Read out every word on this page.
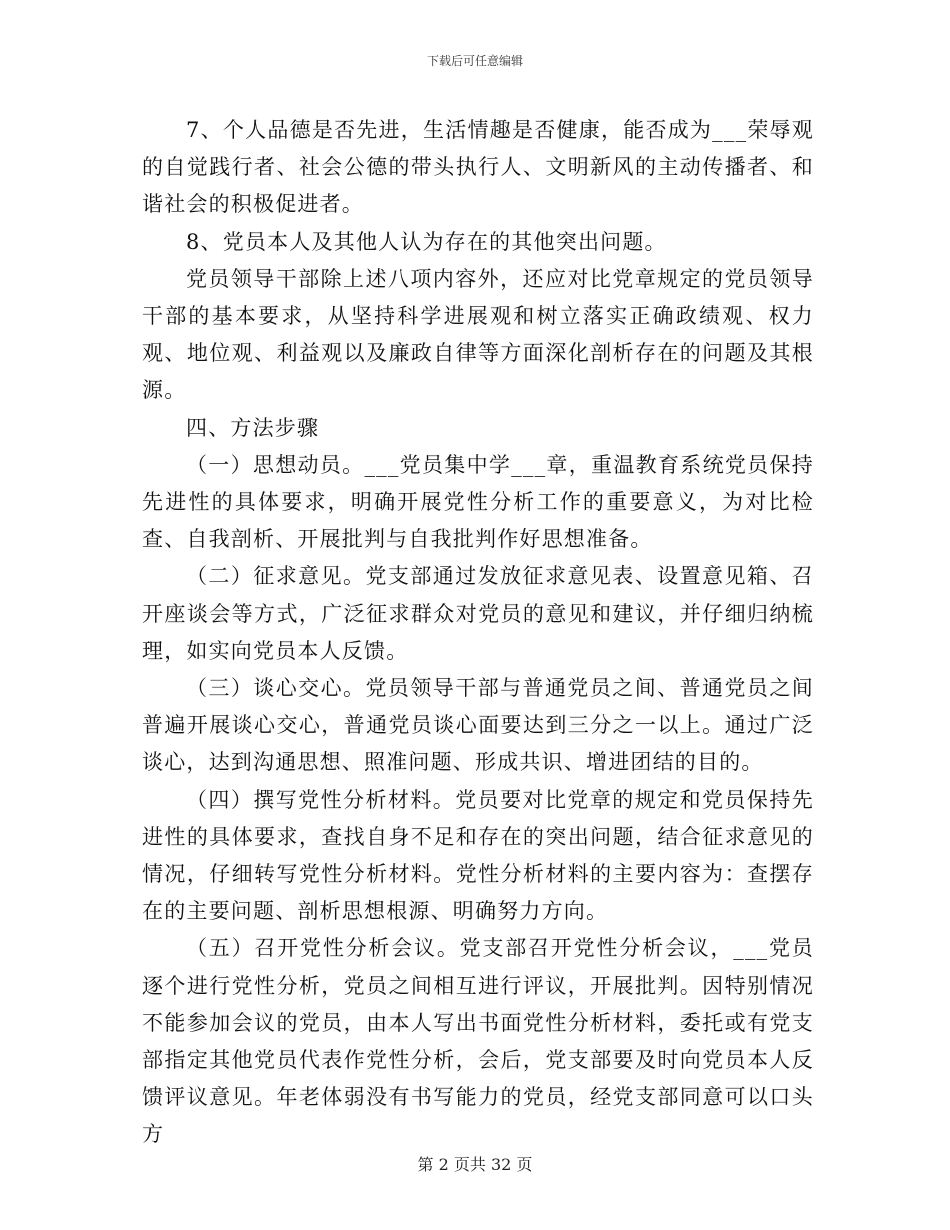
下载后可任意编辑

7、个人品德是否先进，生活情趣是否健康，能否成为___荣辱观的自觉践行者、社会公德的带头执行人、文明新风的主动传播者、和谐社会的积极促进者。

8、党员本人及其他人认为存在的其他突出问题。

党员领导干部除上述八项内容外，还应对比党章规定的党员领导干部的基本要求，从坚持科学进展观和树立落实正确政绩观、权力观、地位观、利益观以及廉政自律等方面深化剖析存在的问题及其根源。

四、方法步骤

（一）思想动员。___党员集中学___章，重温教育系统党员保持先进性的具体要求，明确开展党性分析工作的重要意义，为对比检查、自我剖析、开展批判与自我批判作好思想准备。

（二）征求意见。党支部通过发放征求意见表、设置意见箱、召开座谈会等方式，广泛征求群众对党员的意见和建议，并仔细归纳梳理，如实向党员本人反馈。

（三）谈心交心。党员领导干部与普通党员之间、普通党员之间普遍开展谈心交心，普通党员谈心面要达到三分之一以上。通过广泛谈心，达到沟通思想、照准问题、形成共识、增进团结的目的。

（四）撰写党性分析材料。党员要对比党章的规定和党员保持先进性的具体要求，查找自身不足和存在的突出问题，结合征求意见的情况，仔细转写党性分析材料。党性分析材料的主要内容为：查摆存在的主要问题、剖析思想根源、明确努力方向。

（五）召开党性分析会议。党支部召开党性分析会议，___党员逐个进行党性分析，党员之间相互进行评议，开展批判。因特别情况不能参加会议的党员，由本人写出书面党性分析材料，委托或有党支部指定其他党员代表作党性分析，会后，党支部要及时向党员本人反馈评议意见。年老体弱没有书写能力的党员，经党支部同意可以口头方

第 2 页共 32 页
